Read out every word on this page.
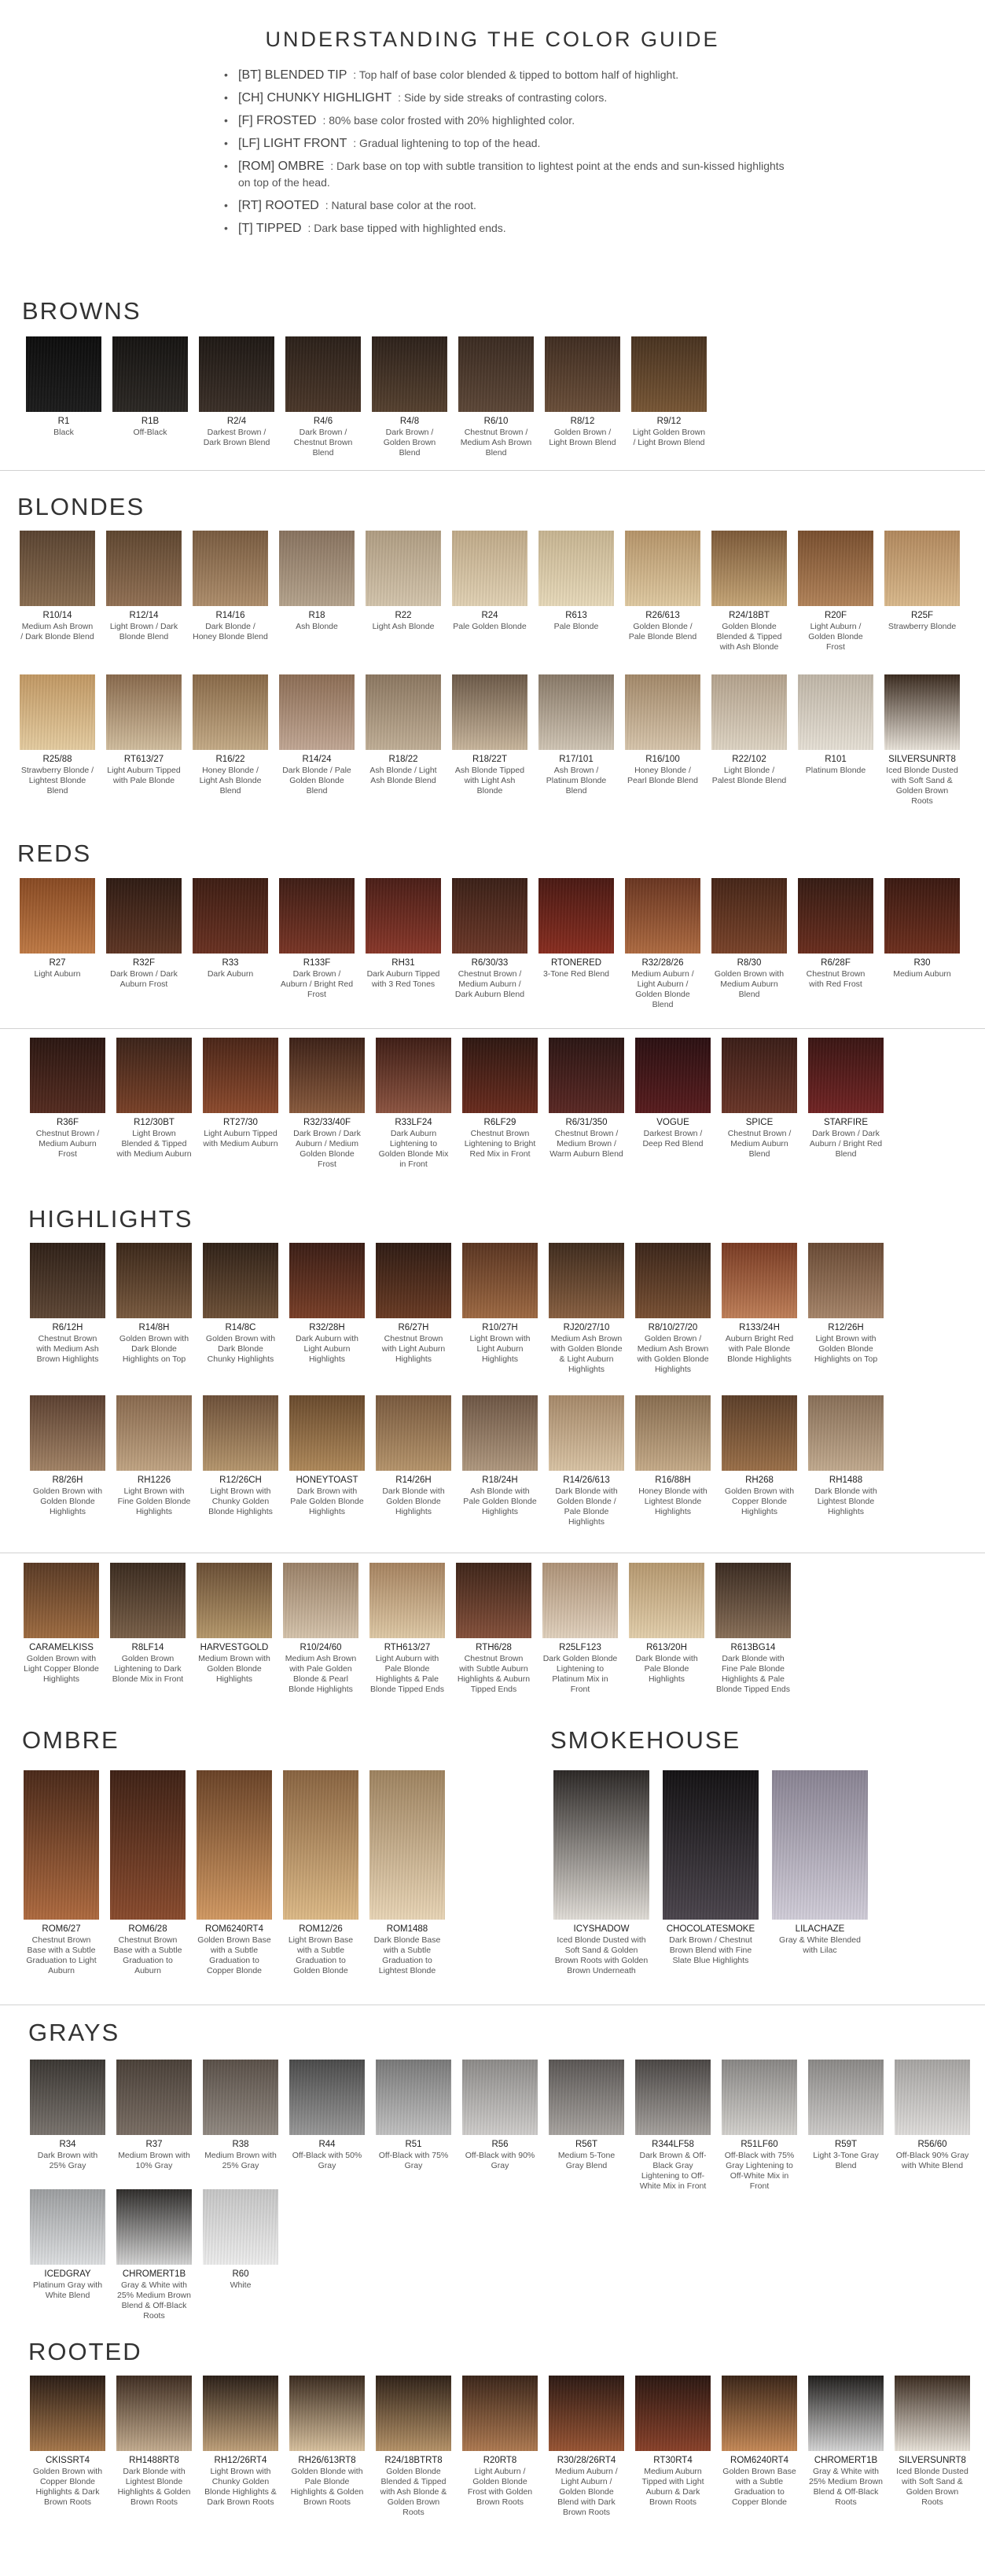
UNDERSTANDING THE COLOR GUIDE
• [BT] BLENDED TIP : Top half of base color blended & tipped to bottom half of highlight.
• [CH] CHUNKY HIGHLIGHT : Side by side streaks of contrasting colors.
• [F] FROSTED : 80% base color frosted with 20% highlighted color.
• [LF] LIGHT FRONT : Gradual lightening to top of the head.
• [ROM] OMBRE : Dark base on top with subtle transition to lightest point at the ends and sun-kissed highlights on top of the head.
• [RT] ROOTED : Natural base color at the root.
• [T] TIPPED : Dark base tipped with highlighted ends.
BROWNS
BLONDES
REDS
HIGHLIGHTS
OMBRE	SMOKEHOUSE
GRAYS
ROOTED
R1
Black
R1B
Off-Black
R2/4
Darkest Brown / Dark Brown Blend
R4/6
Dark Brown / Chestnut Brown Blend
R4/8
Dark Brown / Golden Brown Blend
R6/10
Chestnut Brown / Medium Ash Brown Blend
R8/12
Golden Brown / Light Brown Blend
R9/12
Light Golden Brown / Light Brown Blend
R10/14
Medium Ash Brown / Dark Blonde Blend
R12/14
Light Brown / Dark Blonde Blend
R14/16
Dark Blonde / Honey Blonde Blend
R18
Ash Blonde
R22
Light Ash Blonde
R24
Pale Golden Blonde
R613
Pale Blonde
R26/613
Golden Blonde / Pale Blonde Blend
R24/18BT
Golden Blonde Blended & Tipped with Ash Blonde
R20F
Light Auburn / Golden Blonde Frost
R25F
Strawberry Blonde
R25/88
Strawberry Blonde / Lightest Blonde Blend
RT613/27
Light Auburn Tipped with Pale Blonde
R16/22
Honey Blonde / Light Ash Blonde Blend
R14/24
Dark Blonde / Pale Golden Blonde Blend
R18/22
Ash Blonde / Light Ash Blonde Blend
R18/22T
Ash Blonde Tipped with Light Ash Blonde
R17/101
Ash Brown / Platinum Blonde Blend
R16/100
Honey Blonde / Pearl Blonde Blend
R22/102
Light Blonde / Palest Blonde Blend
R101
Platinum Blonde
SILVERSUNRT8
Iced Blonde Dusted with Soft Sand & Golden Brown Roots
R27
Light Auburn
R32F
Dark Brown / Dark Auburn Frost
R33
Dark Auburn
R133F
Dark Brown / Auburn / Bright Red Frost
RH31
Dark Auburn Tipped with 3 Red Tones
R6/30/33
Chestnut Brown / Medium Auburn / Dark Auburn Blend
RTONERED
3-Tone Red Blend
R32/28/26
Medium Auburn / Light Auburn / Golden Blonde Blend
R8/30
Golden Brown with Medium Auburn Blend
R6/28F
Chestnut Brown with Red Frost
R30
Medium Auburn
R36F
Chestnut Brown / Medium Auburn Frost
R12/30BT
Light Brown Blended & Tipped with Medium Auburn
RT27/30
Light Auburn Tipped with Medium Auburn
R32/33/40F
Dark Brown / Dark Auburn / Medium Golden Blonde Frost
R33LF24
Dark Auburn Lightening to Golden Blonde Mix in Front
R6LF29
Chestnut Brown Lightening to Bright Red Mix in Front
R6/31/350
Chestnut Brown / Medium Brown / Warm Auburn Blend
VOGUE
Darkest Brown / Deep Red Blend
SPICE
Chestnut Brown / Medium Auburn Blend
STARFIRE
Dark Brown / Dark Auburn / Bright Red Blend
R6/12H
Chestnut Brown with Medium Ash Brown Highlights
R14/8H
Golden Brown with Dark Blonde Highlights on Top
R14/8C
Golden Brown with Dark Blonde Chunky Highlights
R32/28H
Dark Auburn with Light Auburn Highlights
R6/27H
Chestnut Brown with Light Auburn Highlights
R10/27H
Light Brown with Light Auburn Highlights
RJ20/27/10
Medium Ash Brown with Golden Blonde & Light Auburn Highlights
R8/10/27/20
Golden Brown / Medium Ash Brown with Golden Blonde Highlights
R133/24H
Auburn Bright Red with Pale Blonde Blonde Highlights
R12/26H
Light Brown with Golden Blonde Highlights on Top
R8/26H
Golden Brown with Golden Blonde Highlights
RH1226
Light Brown with Fine Golden Blonde Highlights
R12/26CH
Light Brown with Chunky Golden Blonde Highlights
HONEYTOAST
Dark Brown with Pale Golden Blonde Highlights
R14/26H
Dark Blonde with Golden Blonde Highlights
R18/24H
Ash Blonde with Pale Golden Blonde Highlights
R14/26/613
Dark Blonde with Golden Blonde / Pale Blonde Highlights
R16/88H
Honey Blonde with Lightest Blonde Highlights
RH268
Golden Brown with Copper Blonde Highlights
RH1488
Dark Blonde with Lightest Blonde Highlights
CARAMELKISS
Golden Brown with Light Copper Blonde Highlights
R8LF14
Golden Brown Lightening to Dark Blonde Mix in Front
HARVESTGOLD
Medium Brown with Golden Blonde Highlights
R10/24/60
Medium Ash Brown with Pale Golden Blonde & Pearl Blonde Highlights
RTH613/27
Light Auburn with Pale Blonde Highlights & Pale Blonde Tipped Ends
RTH6/28
Chestnut Brown with Subtle Auburn Highlights & Auburn Tipped Ends
R25LF123
Dark Golden Blonde Lightening to Platinum Mix in Front
R613/20H
Dark Blonde with Pale Blonde Highlights
R613BG14
Dark Blonde with Fine Pale Blonde Highlights & Pale Blonde Tipped Ends
ROM6/27
Chestnut Brown Base with a Subtle Graduation to Light Auburn
ROM6/28
Chestnut Brown Base with a Subtle Graduation to Auburn
ROM6240RT4
Golden Brown Base with a Subtle Graduation to Copper Blonde
ROM12/26
Light Brown Base with a Subtle Graduation to Golden Blonde
ROM1488
Dark Blonde Base with a Subtle Graduation to Lightest Blonde
ICYSHADOW
Iced Blonde Dusted with Soft Sand & Golden Brown Roots with Golden Brown Underneath
CHOCOLATESMOKE
Dark Brown / Chestnut Brown Blend with Fine Slate Blue Highlights
LILACHAZE
Gray & White Blended with Lilac
R34
Dark Brown with 25% Gray
R37
Medium Brown with 10% Gray
R38
Medium Brown with 25% Gray
R44
Off-Black with 50% Gray
R51
Off-Black with 75% Gray
R56
Off-Black with 90% Gray
R56T
Medium 5-Tone Gray Blend
R344LF58
Dark Brown & Off-Black Gray Lightening to Off-White Mix in Front
R51LF60
Off-Black with 75% Gray Lightening to Off-White Mix in Front
R59T
Light 3-Tone Gray Blend
R56/60
Off-Black 90% Gray with White Blend
ICEDGRAY
Platinum Gray with White Blend
CHROMERT1B
Gray & White with 25% Medium Brown Blend & Off-Black Roots
R60
White
CKISSRT4
Golden Brown with Copper Blonde Highlights & Dark Brown Roots
RH1488RT8
Dark Blonde with Lightest Blonde Highlights & Golden Brown Roots
RH12/26RT4
Light Brown with Chunky Golden Blonde Highlights & Dark Brown Roots
RH26/613RT8
Golden Blonde with Pale Blonde Highlights & Golden Brown Roots
R24/18BTRT8
Golden Blonde Blended & Tipped with Ash Blonde & Golden Brown Roots
R20RT8
Light Auburn / Golden Blonde Frost with Golden Brown Roots
R30/28/26RT4
Medium Auburn / Light Auburn / Golden Blonde Blend with Dark Brown Roots
RT30RT4
Medium Auburn Tipped with Light Auburn & Dark Brown Roots
ROM6240RT4
Golden Brown Base with a Subtle Graduation to Copper Blonde
CHROMERT1B
Gray & White with 25% Medium Brown Blend & Off-Black Roots
SILVERSUNRT8
Iced Blonde Dusted with Soft Sand & Golden Brown Roots
